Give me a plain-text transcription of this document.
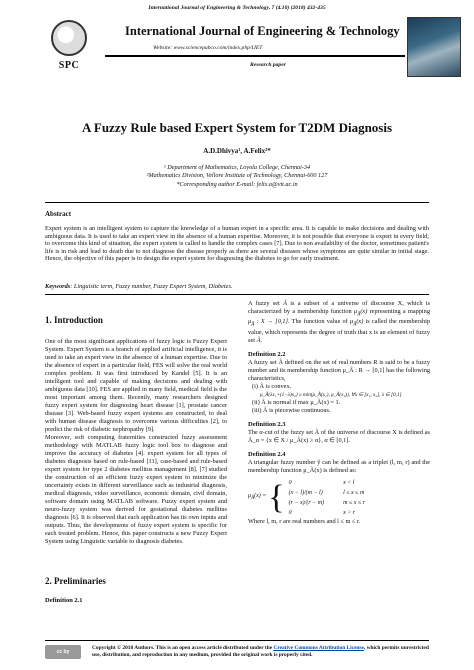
International Journal of Engineering & Technology, 7 (4.10) (2018) 432-435
SPC
International Journal of Engineering & Technology
Website: www.sciencepubco.com/index.php/IJET
Research paper

A Fuzzy Rule based Expert System for T2DM Diagnosis
A.D.Dhivya¹, A.Felix²*
¹ Department of Mathematics, Loyola College, Chennai-34
²Mathematics Division, Vellore Institute of Technology, Chennai-600 127
*Corresponding author E-mail: felix.a@vit.ac.in
Abstract
Expert system is an intelligent system to capture the knowledge of a human expert in a specific area. It is capable to make decisions and dealing with ambiguous data. It is used to take an expert view in the absence of a human expertise. Moreover, it is not possible that everyone is expert in every field; to overcome this kind of situation, the expert system is called to handle the complex cases [7]. Due to non availability of the doctor, sometimes patient's life is in risk and lead to death due to not diagnose the disease properly as there are several diseases whose symptoms are quite similar in initial stage. Hence, the objective of this paper is to design the expert system for diagnosing the diabetes to go for early treatment.
Keywords: Linguistic term, Fuzzy number, Fuzzy Expert System, Diabetes.
1. Introduction
One of the most significant applications of fuzzy logic is Fuzzy Expert System. Expert System is a branch of applied artificial intelligence, it is used to take an expert view in the absence of a human expertise. Due to the absence of expert in a particular field, FES will solve the real world complex problem. It was first introduced by Kandel [5]. It is an intelligent tool and capable of making decisions and dealing with ambiguous data [10]. FES are applied in many field, medical field is the most important among them. Recently, many researchers designed fuzzy expert system for diagnosing heart disease [1], prostate cancer disease [3]. Web-based fuzzy expert systems are constructed, to deal with human disease diagnosis to overcome various difficulties [2], to predict the risk of diabetic nephropathy [9].
Moreover, soft computing fraternities constructed fuzzy assessment methodology with MATLAB fuzzy logic tool box to diagnose and improve the accuracy of diabetes [4]. expert system for all types of diabetes diagnosis based on rule-based [11], case-based and rule-based expert system for type 2 diabetes mellitus management [8]. [7] studied the construction of an efficient fuzzy expert system to minimize the uncertainty exists in different surveillance such as industrial diagnosis, medical diagnosis, video surveillance, economic domain, civil domain, software domain using MATLAB software. Fuzzy expert system and neuro-fuzzy system was derived for gestational diabetes mellitus diagnosis [6]. It is observed that each application has its own inputs and outputs. Thus, the developments of fuzzy expert system is specific for each treated problem. Hence, this paper constructs a new Fuzzy Expert System using Linguistic variable to diagnosis diabetes.
2. Preliminaries
Definition 2.1
A fuzzy set Ã is a subset of a universe of discourse X, which is characterized by a membership function $\mu_Ã(x)$ representing a mapping $\mu_Ã$ : X → [0,1]. The function value of $\mu_Ã(x)$ is called the membership value, which represents the degree of truth that x is an element of fuzzy set Ã.
Definition 2.2
A fuzzy set Ã defined on the set of real numbers R is said to be a fuzzy number and its membership function μ_Ã : R → [0,1] has the following characteristics,
(i) Ã is convex.
μ_Ã(λx₁+(1−λ)x₂) ≥ min(μ_Ã(x₁), μ_Ã(x₂)), ∀x ∈ [x₁, x₂], λ ∈ [0,1]
(ii) Ã is normal if max μ_Ã(x) = 1.
(iii) Ã is piecewise continuous.
Definition 2.3
The α-cut of the fuzzy set Ã of the universe of discourse X is defined as Ã_α = {x ∈ X / μ_Ã(x) ≥ α}, α ∈ [0,1].
Definition 2.4
A triangular fuzzy number ỹ can be defined as a triplet (l, m, r) and the membership function μ_Ã(x) is defined as:
$\mu_Ã(x)$ = { 0	x < l
(x − l)/(m − l)	l ≤ x ≤ m
(r − x)/(r − m)	m ≤ x ≤ r
0	x > r
Where l, m, r are real numbers and l ≤ m ≤ r.
cc by
Copyright © 2018 Authors. This is an open access article distributed under the Creative Commons Attribution License, which permits unrestricted use, distribution, and reproduction in any medium, provided the original work is properly cited.
